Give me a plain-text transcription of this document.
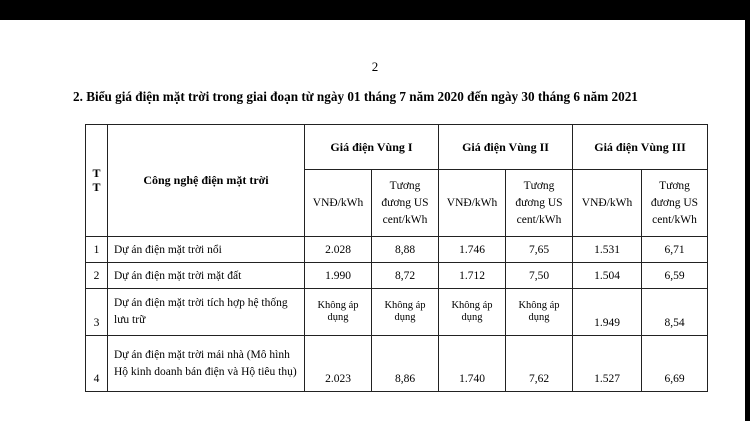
2
2. Biểu giá điện mặt trời trong giai đoạn từ ngày 01 tháng 7 năm 2020 đến ngày 30 tháng 6 năm 2021
T T	Công nghệ điện mặt trời	Giá điện Vùng I		Giá điện Vùng II		Giá điện Vùng III	
		VNĐ/kWh	Tương đương US cent/kWh	VNĐ/kWh	Tương đương US cent/kWh	VNĐ/kWh	Tương đương US cent/kWh
1	Dự án điện mặt trời nổi	2.028	8,88	1.746	7,65	1.531	6,71
2	Dự án điện mặt trời mặt đất	1.990	8,72	1.712	7,50	1.504	6,59
3	Dự án điện mặt trời tích hợp hệ thống lưu trữ	Không áp dụng	Không áp dụng	Không áp dụng	Không áp dụng	1.949	8,54
4	Dự án điện mặt trời mái nhà (Mô hình Hộ kinh doanh bán điện và Hộ tiêu thụ)	2.023	8,86	1.740	7,62	1.527	6,69
